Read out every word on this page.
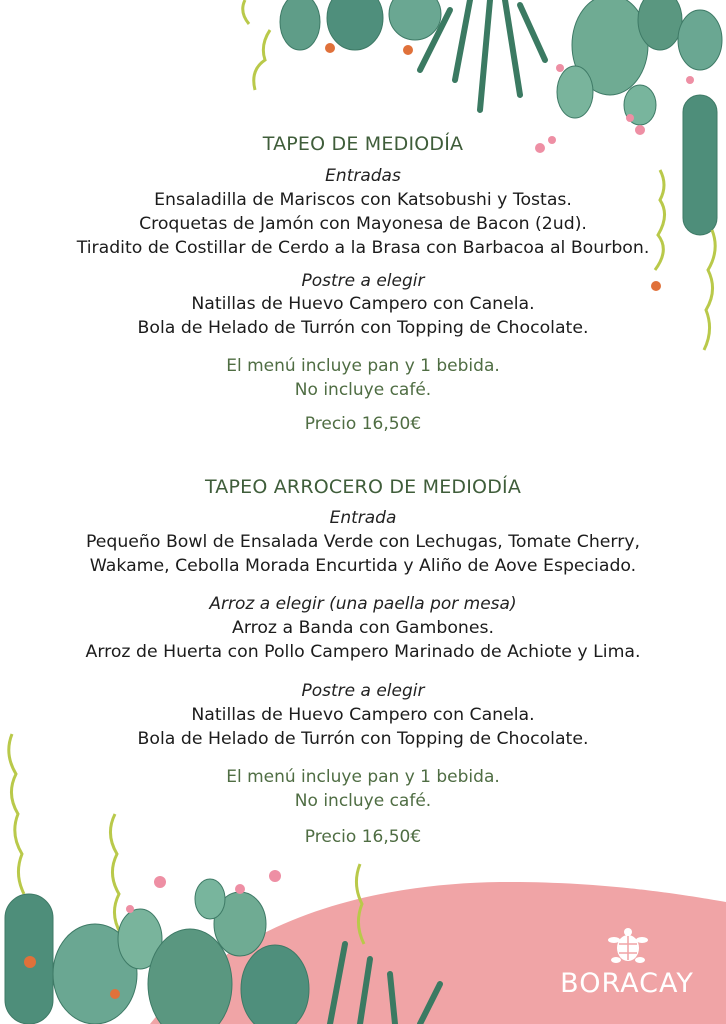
TAPEO DE MEDIODÍA
Entradas
Ensaladilla de Mariscos con Katsobushi y Tostas.
Croquetas de Jamón con Mayonesa de Bacon (2ud).
Tiradito de Costillar de Cerdo a la Brasa con Barbacoa al Bourbon.
Postre a elegir
Natillas de Huevo Campero con Canela.
Bola de Helado de Turrón con Topping de Chocolate.
El menú incluye pan y 1 bebida.
No incluye café.
Precio 16,50€
TAPEO ARROCERO DE MEDIODÍA
Entrada
Pequeño Bowl de Ensalada Verde con Lechugas, Tomate Cherry,
Wakame, Cebolla Morada Encurtida y Aliño de Aove Especiado.
Arroz a elegir (una paella por mesa)
Arroz a Banda con Gambones.
Arroz de Huerta con Pollo Campero Marinado de Achiote y Lima.
Postre a elegir
Natillas de Huevo Campero con Canela.
Bola de Helado de Turrón con Topping de Chocolate.
El menú incluye pan y 1 bebida.
No incluye café.
Precio 16,50€
BORACAY
